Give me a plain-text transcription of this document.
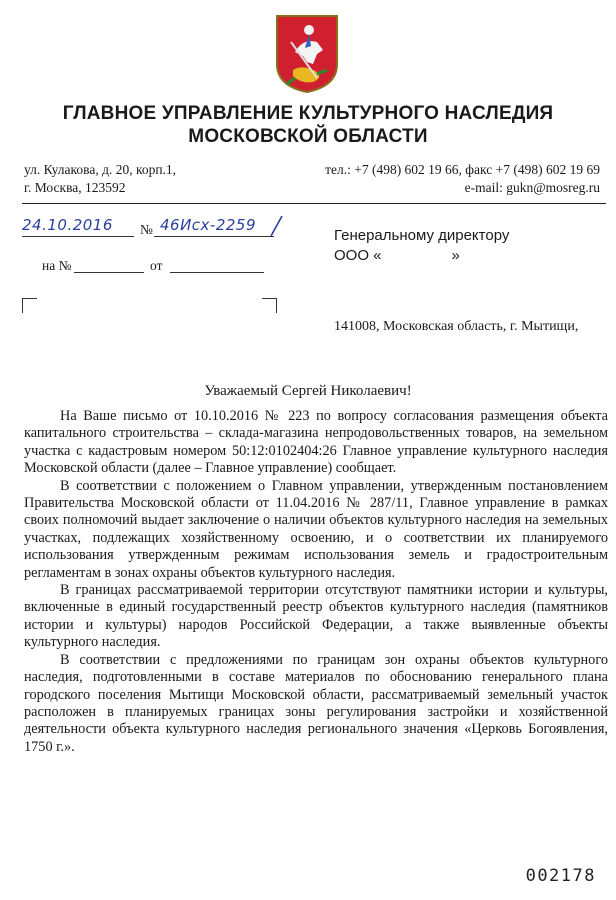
ГЛАВНОЕ УПРАВЛЕНИЕ КУЛЬТУРНОГО НАСЛЕДИЯ
МОСКОВСКОЙ ОБЛАСТИ
ул. Кулакова, д. 20, корп.1,
г. Москва, 123592
тел.: +7 (498) 602 19 66, факс +7 (498) 602 19 69
e-mail: gukn@mosreg.ru
24.10.2016 № 46Исх-2259
на №	от
Генеральному директору
ООО «	»
141008, Московская область, г. Мытищи,
Уважаемый Сергей Николаевич!

На Ваше письмо от 10.10.2016 № 223 по вопросу согласования размещения объекта капитального строительства – склада-магазина непродовольственных товаров, на земельном участка с кадастровым номером 50:12:0102404:26 Главное управление культурного наследия Московской области (далее – Главное управление) сообщает.

В соответствии с положением о Главном управлении, утвержденным постановлением Правительства Московской области от 11.04.2016 № 287/11, Главное управление в рамках своих полномочий выдает заключение о наличии объектов культурного наследия на земельных участках, подлежащих хозяйственному освоению, и о соответствии их планируемого использования утвержденным режимам использования земель и градостроительным регламентам в зонах охраны объектов культурного наследия.

В границах рассматриваемой территории отсутствуют памятники истории и культуры, включенные в единый государственный реестр объектов культурного наследия (памятников истории и культуры) народов Российской Федерации, а также выявленные объекты культурного наследия.

В соответствии с предложениями по границам зон охраны объектов культурного наследия, подготовленными в составе материалов по обоснованию генерального плана городского поселения Мытищи Московской области, рассматриваемый земельный участок расположен в планируемых границах зоны регулирования застройки и хозяйственной деятельности объекта культурного наследия регионального значения «Церковь Богоявления, 1750 г.».

002178
